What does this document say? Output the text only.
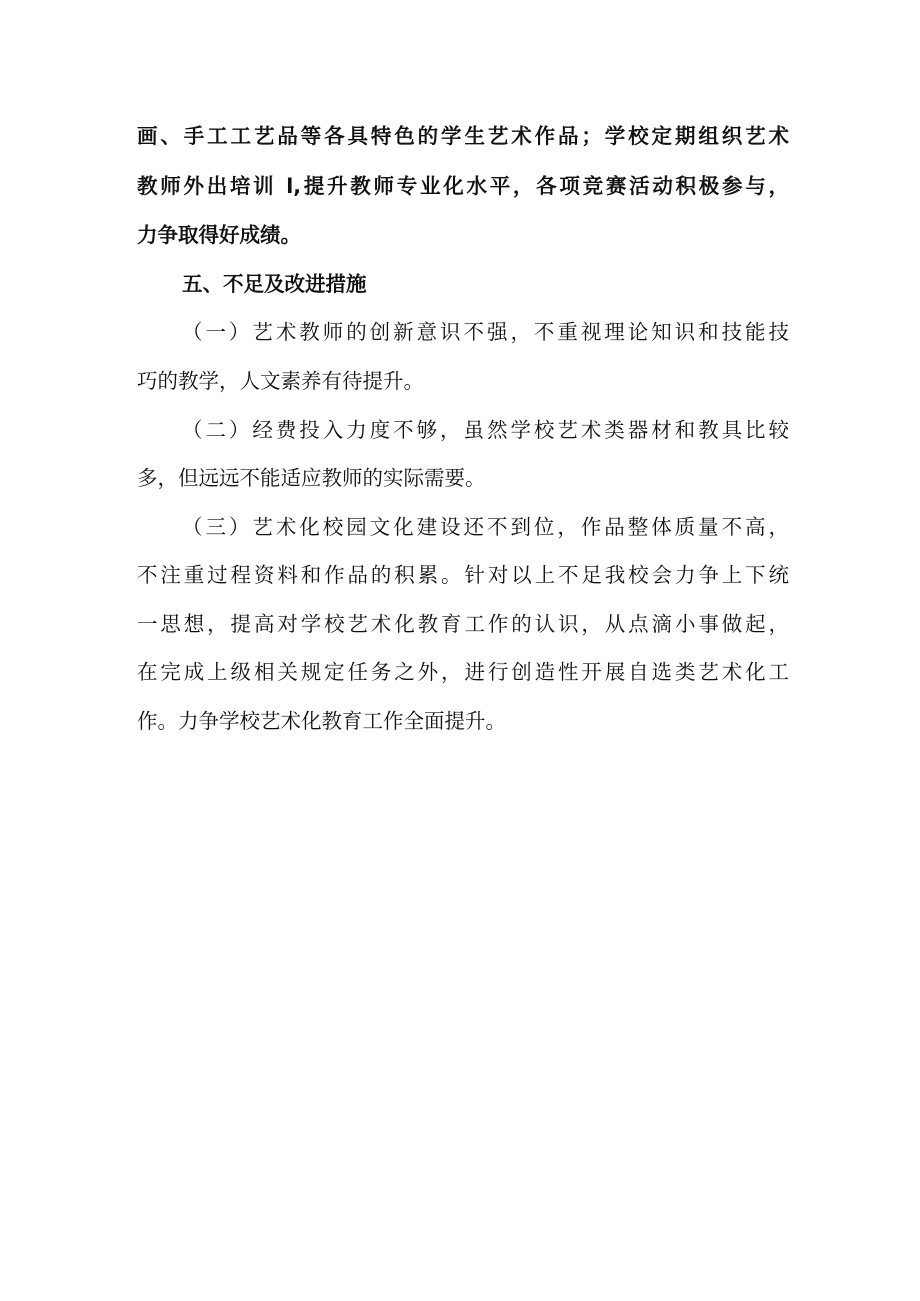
画、手工工艺品等各具特色的学生艺术作品；学校定期组织艺术
教师外出培训 l,提升教师专业化水平，各项竞赛活动积极参与，
力争取得好成绩。
五、不足及改进措施
（一）艺术教师的创新意识不强，不重视理论知识和技能技
巧的教学，人文素养有待提升。
（二）经费投入力度不够，虽然学校艺术类器材和教具比较
多，但远远不能适应教师的实际需要。
（三）艺术化校园文化建设还不到位，作品整体质量不高，
不注重过程资料和作品的积累。针对以上不足我校会力争上下统
一思想，提高对学校艺术化教育工作的认识，从点滴小事做起，
在完成上级相关规定任务之外，进行创造性开展自选类艺术化工
作。力争学校艺术化教育工作全面提升。
